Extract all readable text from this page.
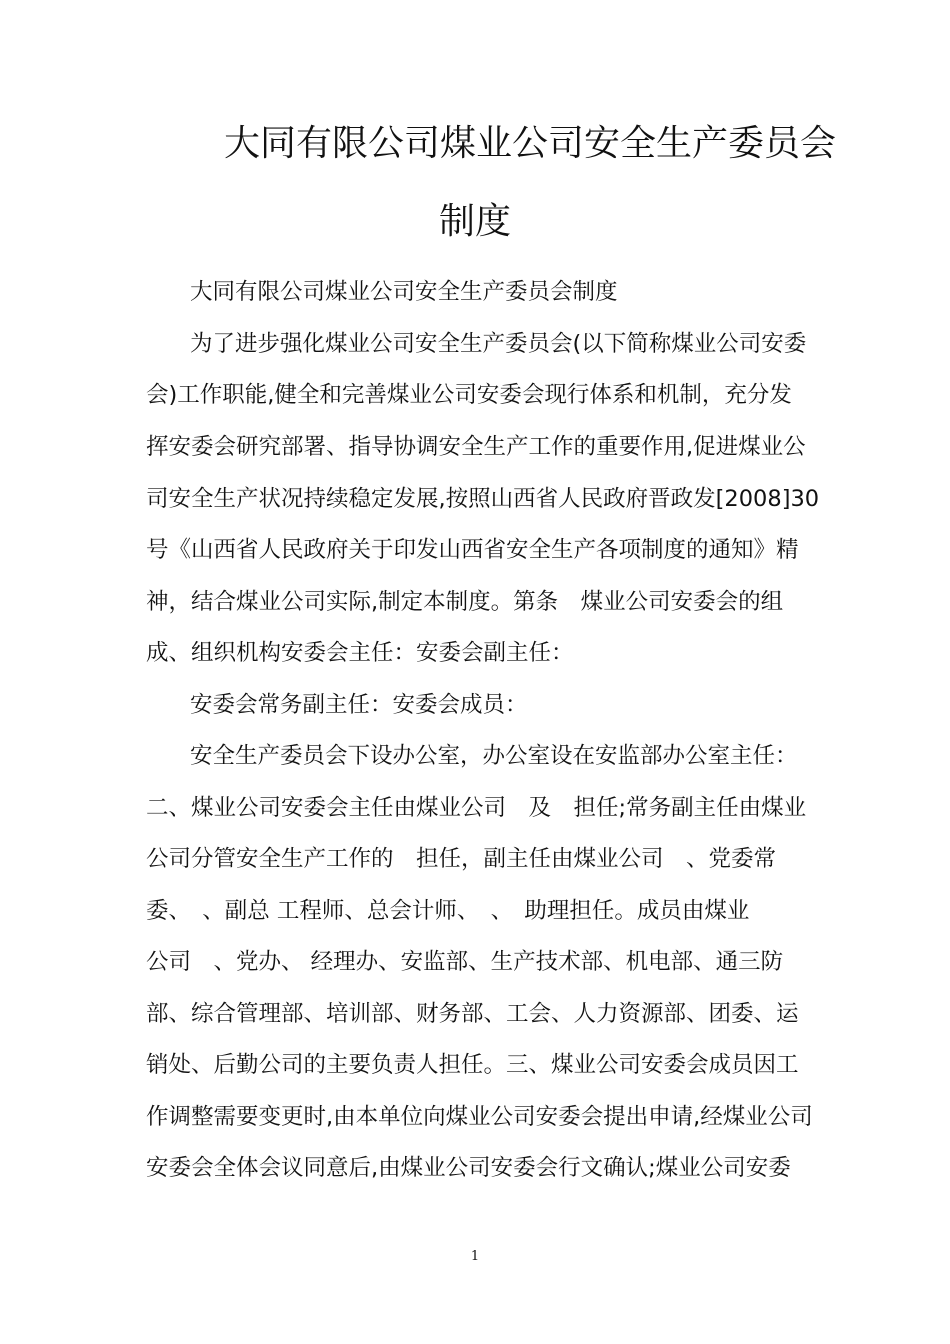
大同有限公司煤业公司安全生产委员会
制度

大同有限公司煤业公司安全生产委员会制度

为了进步强化煤业公司安全生产委员会(以下简称煤业公司安委

会)工作职能,健全和完善煤业公司安委会现行体系和机制，充分发

挥安委会研究部署、指导协调安全生产工作的重要作用,促进煤业公

司安全生产状况持续稳定发展,按照山西省人民政府晋政发[2008]30

号《山西省人民政府关于印发山西省安全生产各项制度的通知》精

神，结合煤业公司实际,制定本制度。第条　煤业公司安委会的组

成、组织机构安委会主任：安委会副主任：

安委会常务副主任：安委会成员：

安全生产委员会下设办公室，办公室设在安监部办公室主任：

二、煤业公司安委会主任由煤业公司　及　担任;常务副主任由煤业

公司分管安全生产工作的　担任，副主任由煤业公司　、党委常

委、　、副总 工程师、总会计师、　、　助理担任。成员由煤业

公司　、党办、 经理办、安监部、生产技术部、机电部、通三防

部、综合管理部、培训部、财务部、工会、人力资源部、团委、运

销处、后勤公司的主要负责人担任。三、煤业公司安委会成员因工

作调整需要变更时,由本单位向煤业公司安委会提出申请,经煤业公司

安委会全体会议同意后,由煤业公司安委会行文确认;煤业公司安委

1
